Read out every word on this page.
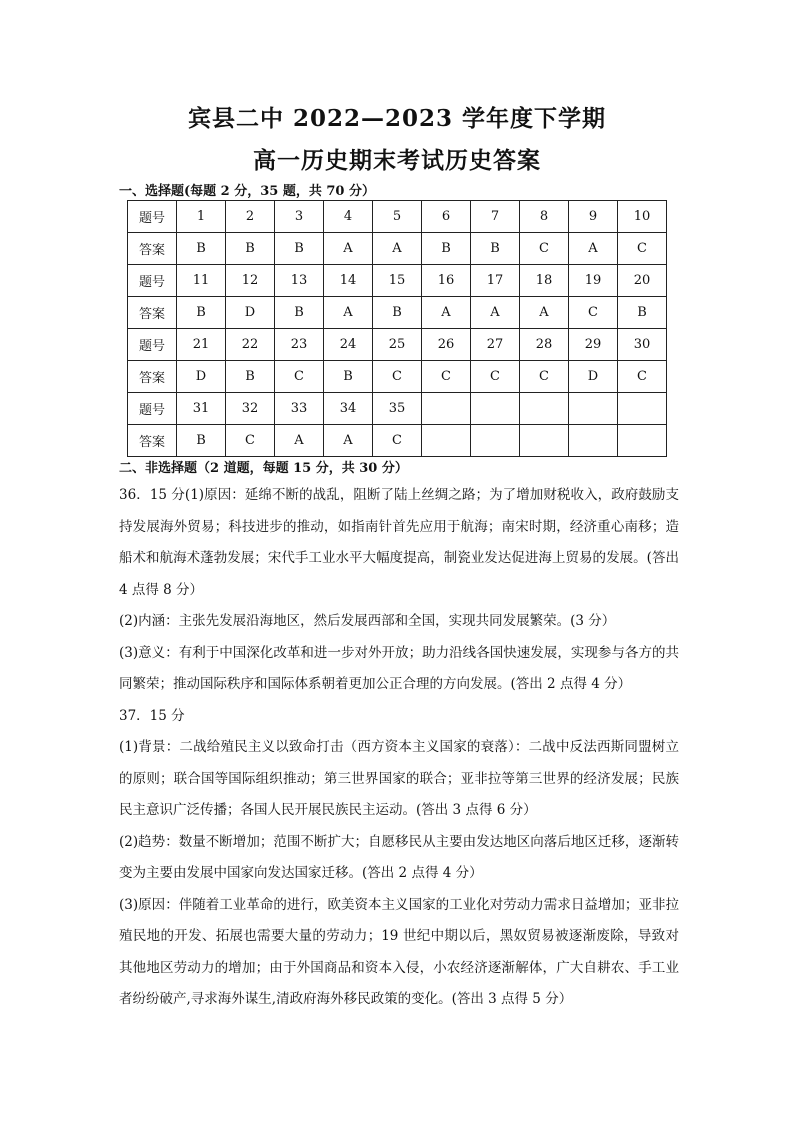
宾县二中 2022—2023 学年度下学期
高一历史期末考试历史答案
一、选择题(每题 2 分，35 题，共 70 分）
题号	1	2	3	4	5	6	7	8	9	10
答案	B	B	B	A	A	B	B	C	A	C
题号	11	12	13	14	15	16	17	18	19	20
答案	B	D	B	A	B	A	A	A	C	B
题号	21	22	23	24	25	26	27	28	29	30
答案	D	B	C	B	C	C	C	C	D	C
题号	31	32	33	34	35					
答案	B	C	A	A	C					
二、非选择题（2 道题，每题 15 分，共 30 分）

36．15 分(1)原因：延绵不断的战乱，阻断了陆上丝绸之路；为了增加财税收入，政府鼓励支持发展海外贸易；科技进步的推动，如指南针首先应用于航海；南宋时期，经济重心南移；造船术和航海术蓬勃发展；宋代手工业水平大幅度提高，制瓷业发达促进海上贸易的发展。(答出 4 点得 8 分）

(2)内涵：主张先发展沿海地区，然后发展西部和全国，实现共同发展繁荣。(3 分）

(3)意义：有利于中国深化改革和进一步对外开放；助力沿线各国快速发展，实现参与各方的共同繁荣；推动国际秩序和国际体系朝着更加公正合理的方向发展。(答出 2 点得 4 分）

37．15 分

(1)背景：二战给殖民主义以致命打击（西方资本主义国家的衰落）：二战中反法西斯同盟树立的原则；联合国等国际组织推动；第三世界国家的联合；亚非拉等第三世界的经济发展；民族民主意识广泛传播；各国人民开展民族民主运动。(答出 3 点得 6 分）

(2)趋势：数量不断增加；范围不断扩大；自愿移民从主要由发达地区向落后地区迁移，逐渐转变为主要由发展中国家向发达国家迁移。(答出 2 点得 4 分）

(3)原因：伴随着工业革命的进行，欧美资本主义国家的工业化对劳动力需求日益增加；亚非拉殖民地的开发、拓展也需要大量的劳动力；19 世纪中期以后，黑奴贸易被逐渐废除，导致对其他地区劳动力的增加；由于外国商品和资本入侵，小农经济逐渐解体，广大自耕农、手工业者纷纷破产,寻求海外谋生,清政府海外移民政策的变化。(答出 3 点得 5 分）
